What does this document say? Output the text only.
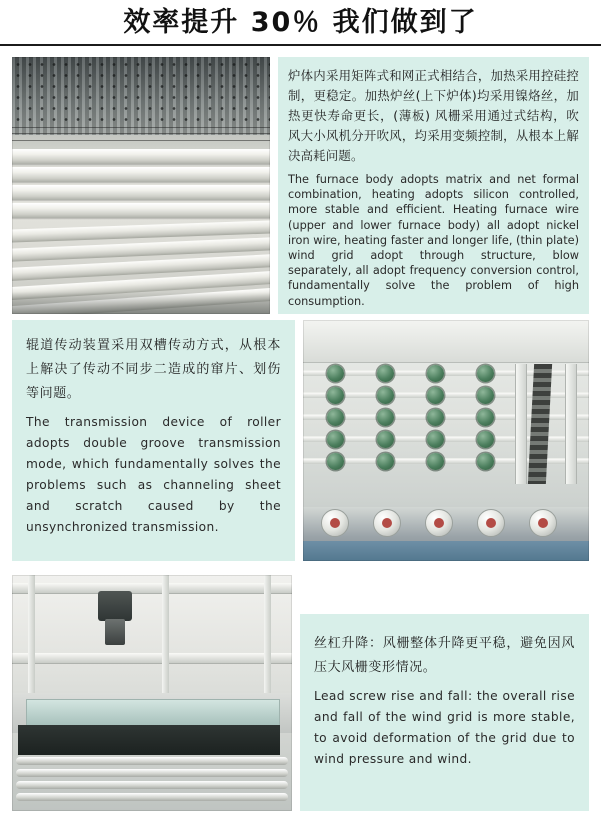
效率提升 30％ 我们做到了

炉体内采用矩阵式和网正式相结合，加热采用控硅控制，更稳定。加热炉丝(上下炉体)均采用镍烙丝，加热更快寿命更长，(薄板) 风栅采用通过式结构，吹风大小风机分开吹风，均采用变频控制，从根本上解决高耗问题。

The furnace body adopts matrix and net formal combination, heating adopts silicon controlled, more stable and efficient. Heating furnace wire (upper and lower furnace body) all adopt nickel iron wire, heating faster and longer life, (thin plate) wind grid adopt through structure, blow separately, all adopt frequency conversion control, fundamentally solve the problem of high consumption.

辊道传动装置采用双槽传动方式，从根本上解决了传动不同步二造成的窜片、划伤等问题。

The transmission device of roller adopts double groove transmission mode, which fundamentally solves the problems such as channeling sheet and scratch caused by the unsynchronized transmission.

丝杠升降：风栅整体升降更平稳，避免因风压大风栅变形情况。

Lead screw rise and fall: the overall rise and fall of the wind grid is more stable, to avoid deformation of the grid due to wind pressure and wind.
